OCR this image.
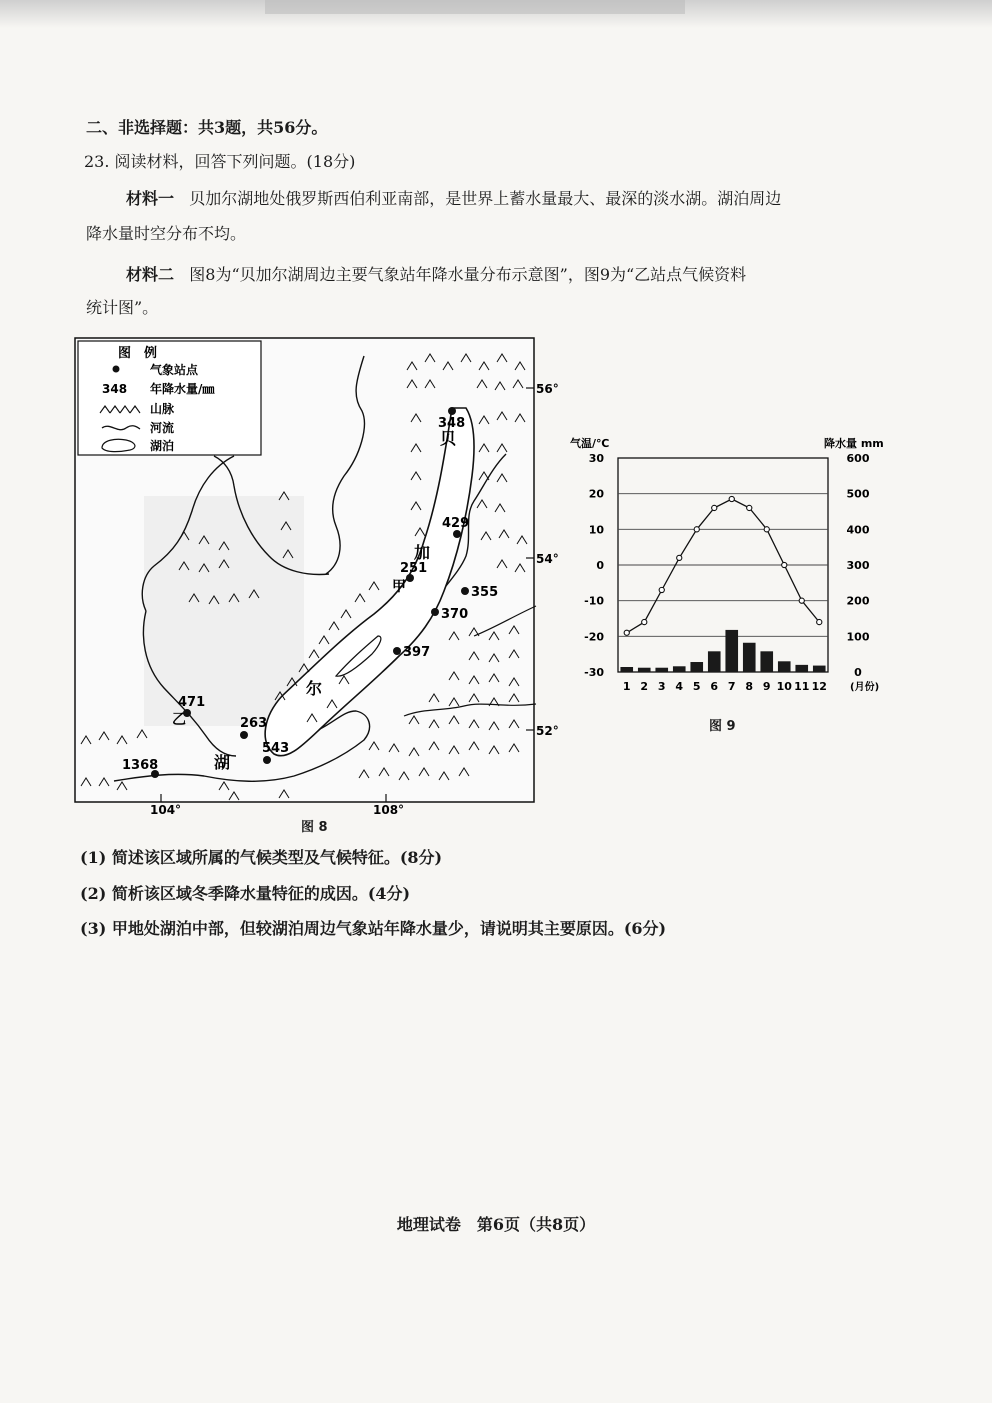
二、非选择题：共3题，共56分。
23. 阅读材料，回答下列问题。(18分)
材料一 贝加尔湖地处俄罗斯西伯利亚南部，是世界上蓄水量最大、最深的淡水湖。湖泊周边
降水量时空分布不均。
材料二 图8为“贝加尔湖周边主要气象站年降水量分布示意图”，图9为“乙站点气候资料
统计图”。
图　例
气象站点
348 年降水量/㎜
山脉
河流
湖泊	贝
加
尔
湖
56°
54°
52°
104°	108°
348
429
251
甲	355
370
397
471
乙	263
543
1368
图 8
气温/℃	降水量 mm
30	600
20	500
10	400
0	300
-10	200
-20	100
-30	0
1 2 3 4 5 6 7 8 9 10 11 12 (月份)
图 9
(1) 简述该区域所属的气候类型及气候特征。(8分)
(2) 简析该区域冬季降水量特征的成因。(4分)
(3) 甲地处湖泊中部，但较湖泊周边气象站年降水量少，请说明其主要原因。(6分)
地理试卷　第6页（共8页）
